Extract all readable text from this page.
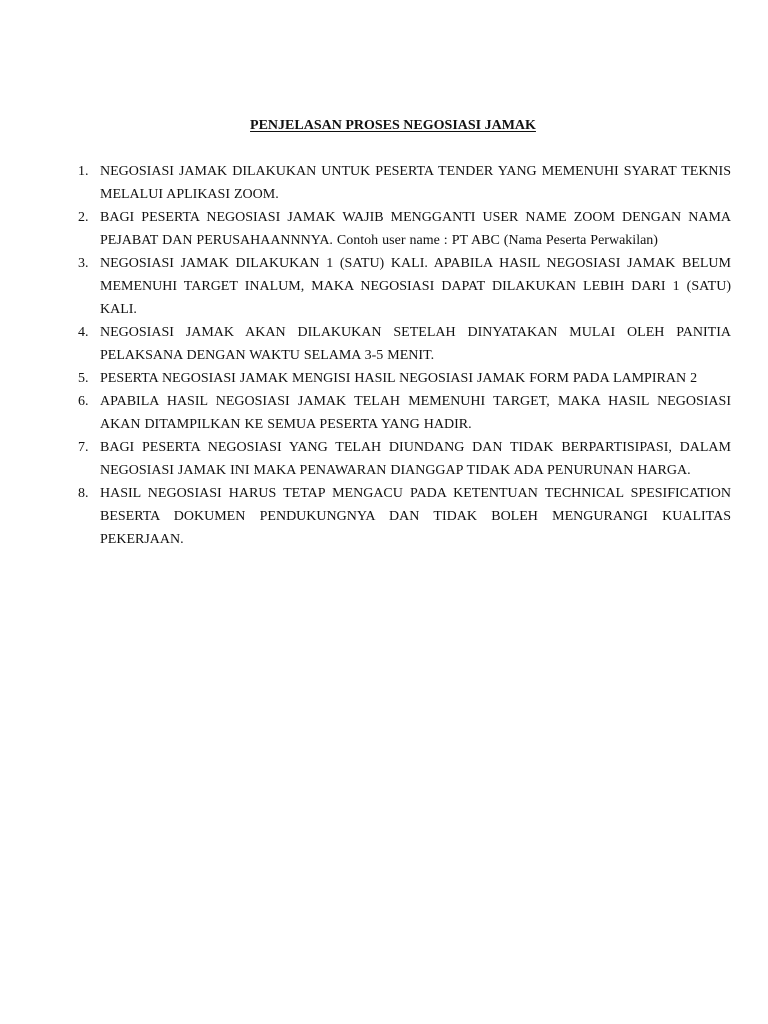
PENJELASAN PROSES NEGOSIASI JAMAK
1. NEGOSIASI JAMAK DILAKUKAN UNTUK PESERTA TENDER YANG MEMENUHI SYARAT TEKNIS MELALUI APLIKASI ZOOM.
2. BAGI PESERTA NEGOSIASI JAMAK WAJIB MENGGANTI USER NAME ZOOM DENGAN NAMA PEJABAT DAN PERUSAHAANNNYA. Contoh user name : PT ABC (Nama Peserta Perwakilan)
3. NEGOSIASI JAMAK DILAKUKAN 1 (SATU) KALI. APABILA HASIL NEGOSIASI JAMAK BELUM MEMENUHI TARGET INALUM, MAKA NEGOSIASI DAPAT DILAKUKAN LEBIH DARI 1 (SATU) KALI.
4. NEGOSIASI JAMAK AKAN DILAKUKAN SETELAH DINYATAKAN MULAI OLEH PANITIA PELAKSANA DENGAN WAKTU SELAMA 3-5 MENIT.
5. PESERTA NEGOSIASI JAMAK MENGISI HASIL NEGOSIASI JAMAK FORM PADA LAMPIRAN 2
6. APABILA HASIL NEGOSIASI JAMAK TELAH MEMENUHI TARGET, MAKA HASIL NEGOSIASI AKAN DITAMPILKAN KE SEMUA PESERTA YANG HADIR.
7. BAGI PESERTA NEGOSIASI YANG TELAH DIUNDANG DAN TIDAK BERPARTISIPASI, DALAM NEGOSIASI JAMAK INI MAKA PENAWARAN DIANGGAP TIDAK ADA PENURUNAN HARGA.
8. HASIL NEGOSIASI HARUS TETAP MENGACU PADA KETENTUAN TECHNICAL SPESIFICATION BESERTA DOKUMEN PENDUKUNGNYA DAN TIDAK BOLEH MENGURANGI KUALITAS PEKERJAAN.
